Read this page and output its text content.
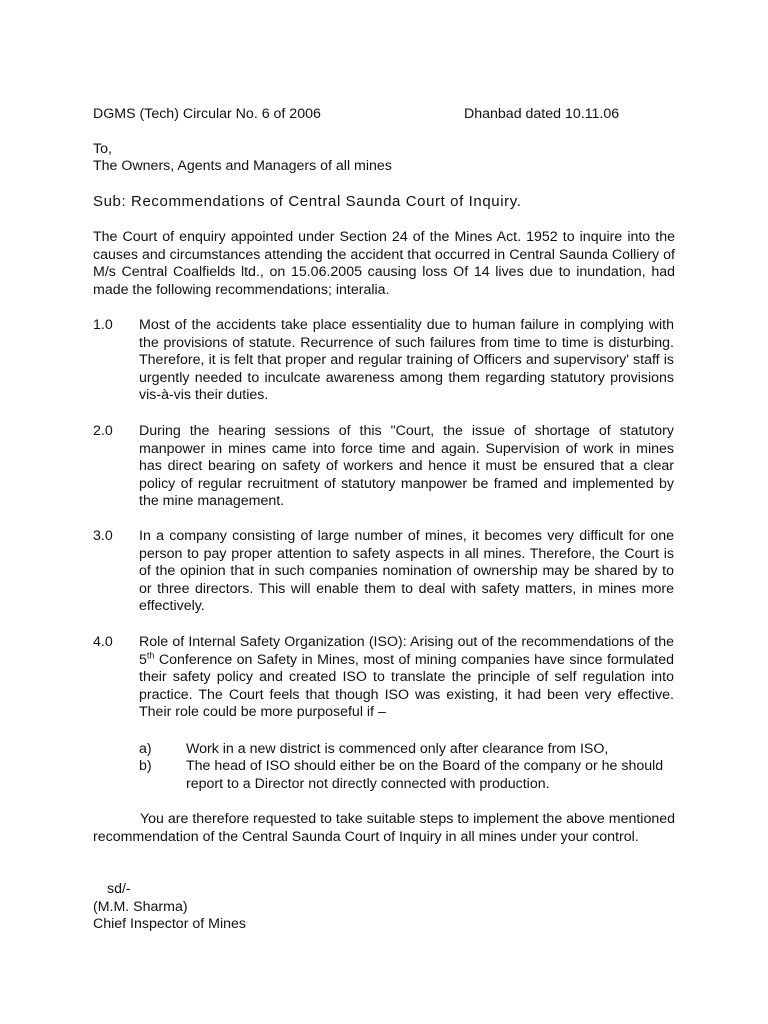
DGMS (Tech) Circular No. 6 of 2006	Dhanbad dated 10.11.06
To,
The Owners, Agents and Managers of all mines
Sub: Recommendations of Central Saunda Court of Inquiry.
The Court of enquiry appointed under Section 24 of the Mines Act. 1952 to inquire into the causes and circumstances attending the accident that occurred in Central Saunda Colliery of M/s Central Coalfields ltd., on 15.06.2005 causing loss Of 14 lives due to inundation, had made the following recommendations; interalia.
1.0 Most of the accidents take place essentiality due to human failure in complying with the provisions of statute. Recurrence of such failures from time to time is disturbing. Therefore, it is felt that proper and regular training of Officers and supervisory' staff is urgently needed to inculcate awareness among them regarding statutory provisions vis-à-vis their duties.
2.0 During the hearing sessions of this "Court, the issue of shortage of statutory manpower in mines came into force time and again. Supervision of work in mines has direct bearing on safety of workers and hence it must be ensured that a clear policy of regular recruitment of statutory manpower be framed and implemented by the mine management.
3.0 In a company consisting of large number of mines, it becomes very difficult for one person to pay proper attention to safety aspects in all mines. Therefore, the Court is of the opinion that in such companies nomination of ownership may be shared by to or three directors. This will enable them to deal with safety matters, in mines more effectively.
4.0 Role of Internal Safety Organization (ISO): Arising out of the recommendations of the 5th Conference on Safety in Mines, most of mining companies have since formulated their safety policy and created ISO to translate the principle of self regulation into practice. The Court feels that though ISO was existing, it had been very effective. Their role could be more purposeful if –
a) Work in a new district is commenced only after clearance from ISO,
b) The head of ISO should either be on the Board of the company or he should report to a Director not directly connected with production.
You are therefore requested to take suitable steps to implement the above mentioned recommendation of the Central Saunda Court of Inquiry in all mines under your control.
sd/-
(M.M. Sharma)
Chief Inspector of Mines
